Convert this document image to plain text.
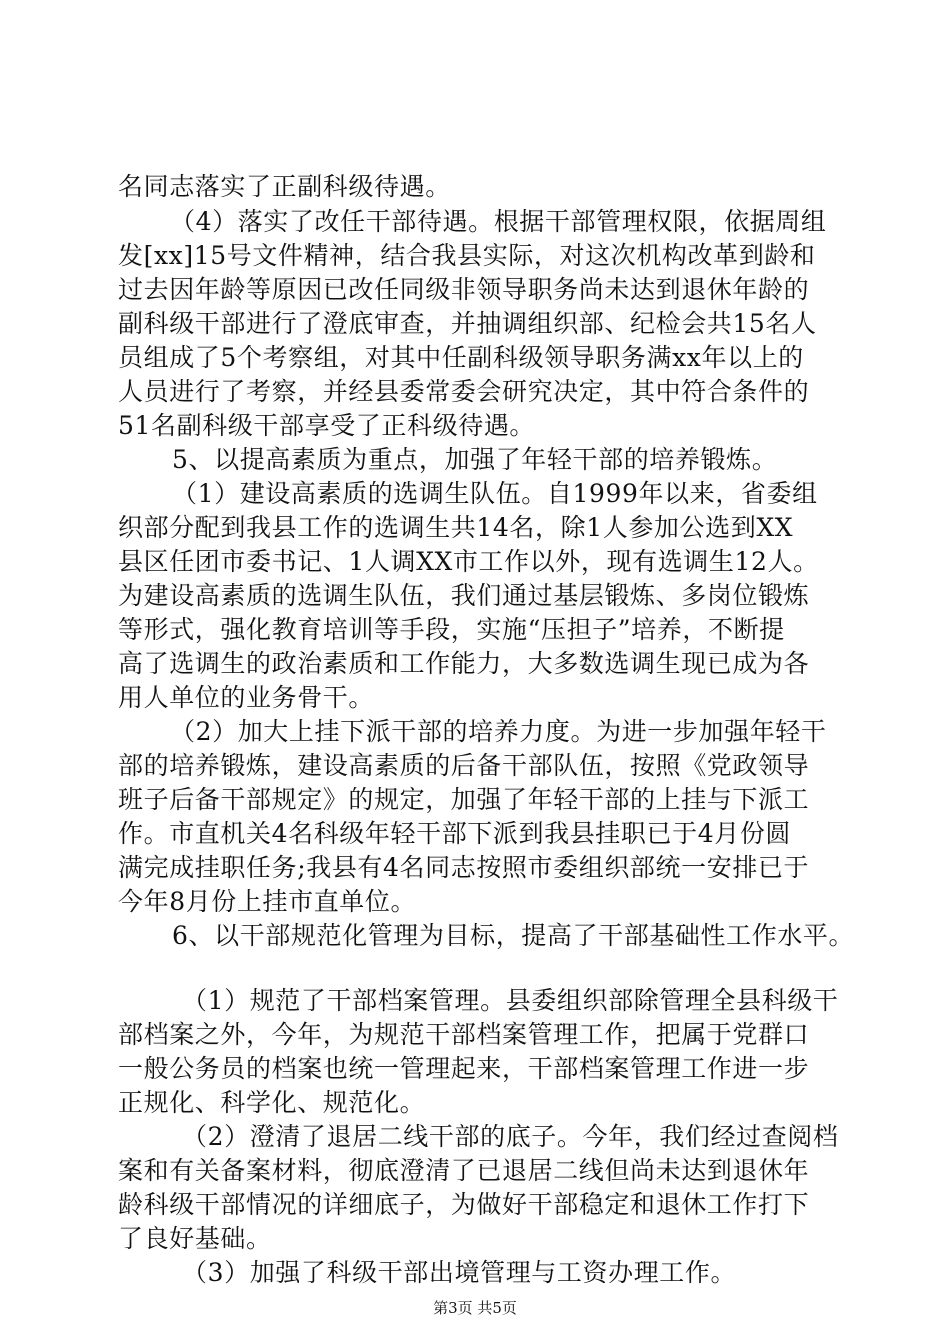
名同志落实了正副科级待遇。
（4）落实了改任干部待遇。根据干部管理权限，依据周组
发[xx]15号文件精神，结合我县实际，对这次机构改革到龄和
过去因年龄等原因已改任同级非领导职务尚未达到退休年龄的
副科级干部进行了澄底审查，并抽调组织部、纪检会共15名人
员组成了5个考察组，对其中任副科级领导职务满xx年以上的
人员进行了考察，并经县委常委会研究决定，其中符合条件的
51名副科级干部享受了正科级待遇。
5、以提高素质为重点，加强了年轻干部的培养锻炼。
（1）建设高素质的选调生队伍。自1999年以来，省委组
织部分配到我县工作的选调生共14名，除1人参加公选到XX
县区任团市委书记、1人调XX市工作以外，现有选调生12人。
为建设高素质的选调生队伍，我们通过基层锻炼、多岗位锻炼
等形式，强化教育培训等手段，实施“压担子”培养，不断提
高了选调生的政治素质和工作能力，大多数选调生现已成为各
用人单位的业务骨干。
（2）加大上挂下派干部的培养力度。为进一步加强年轻干
部的培养锻炼，建设高素质的后备干部队伍，按照《党政领导
班子后备干部规定》的规定，加强了年轻干部的上挂与下派工
作。市直机关4名科级年轻干部下派到我县挂职已于4月份圆
满完成挂职任务;我县有4名同志按照市委组织部统一安排已于
今年8月份上挂市直单位。
6、以干部规范化管理为目标，提高了干部基础性工作水平。
（1）规范了干部档案管理。县委组织部除管理全县科级干
部档案之外，今年，为规范干部档案管理工作，把属于党群口
一般公务员的档案也统一管理起来，干部档案管理工作进一步
正规化、科学化、规范化。
（2）澄清了退居二线干部的底子。今年，我们经过查阅档
案和有关备案材料，彻底澄清了已退居二线但尚未达到退休年
龄科级干部情况的详细底子，为做好干部稳定和退休工作打下
了良好基础。
（3）加强了科级干部出境管理与工资办理工作。
第3页 共5页
